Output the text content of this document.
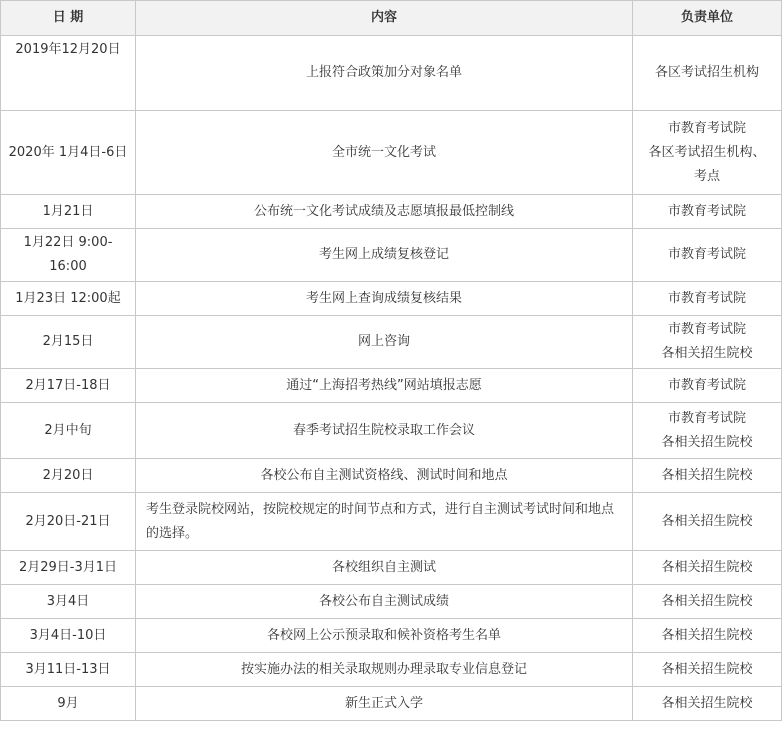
日 期	内容	负责单位
2019年12月20日	上报符合政策加分对象名单	各区考试招生机构

2020年 1月4日-6日	全市统一文化考试	市教育考试院
各区考试招生机构、
考点

1月21日	公布统一文化考试成绩及志愿填报最低控制线	市教育考试院

1月22日 9:00-16:00	考生网上成绩复核登记	市教育考试院

1月23日 12:00起	考生网上查询成绩复核结果	市教育考试院

2月15日	网上咨询	市教育考试院
各相关招生院校

2月17日-18日	通过“上海招考热线”网站填报志愿	市教育考试院

2月中旬	春季考试招生院校录取工作会议	市教育考试院
各相关招生院校

2月20日	各校公布自主测试资格线、测试时间和地点	各相关招生院校

2月20日-21日	考生登录院校网站，按院校规定的时间节点和方式，进行自主测试考试时间和地点的选择。	各相关招生院校

2月29日-3月1日	各校组织自主测试	各相关招生院校

3月4日	各校公布自主测试成绩	各相关招生院校

3月4日-10日	各校网上公示预录取和候补资格考生名单	各相关招生院校

3月11日-13日	按实施办法的相关录取规则办理录取专业信息登记	各相关招生院校

9月	新生正式入学	各相关招生院校
